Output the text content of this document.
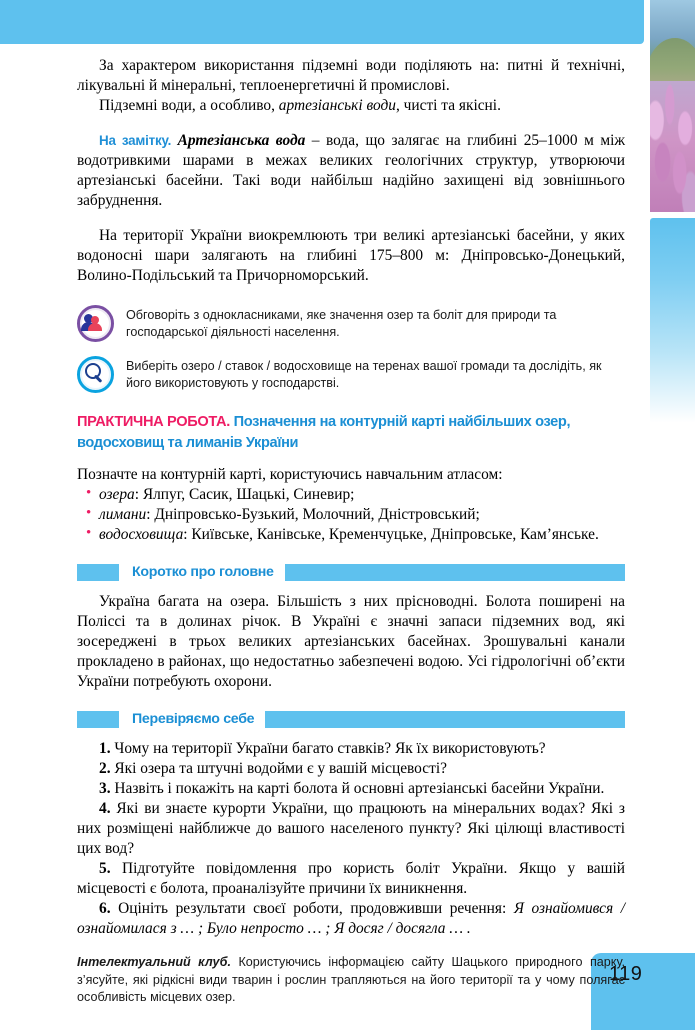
119

За характером використання підземні води поділяють на: питні й технічні, лікувальні й мінеральні, теплоенергетичні й промислові.

Підземні води, а особливо, артезіанські води, чисті та якісні.

На замітку. Артезіанська вода – вода, що залягає на глибині 25–1000 м між водотривкими шарами в межах великих геологічних структур, утворюючи артезіанські басейни. Такі води найбільш надійно захищені від зовнішнього забруднення.

На території України виокремлюють три великі артезіанські басейни, у яких водоносні шари залягають на глибині 175–800 м: Дніпровсько-Донецький, Волино-Подільський та Причорноморський.

Обговоріть з однокласниками, яке значення озер та боліт для природи та господарської діяльності населення.
Виберіть озеро / ставок / водосховище на теренах вашої громади та дослідіть, як його використовують у господарстві.
ПРАКТИЧНА РОБОТА. Позначення на контурній карті найбільших озер, водосховищ та лиманів України

Позначте на контурній карті, користуючись навчальним атласом:

• озера: Ялпуг, Сасик, Шацькі, Синевир;
• лимани: Дніпровсько-Бузький, Молочний, Дністровський;
• водосховища: Київське, Канівське, Кременчуцьке, Дніпровське, Кам’янське.
Коротко про головне

Україна багата на озера. Більшість з них прісноводні. Болота поширені на Поліссі та в долинах річок. В Україні є значні запаси підземних вод, які зосереджені в трьох великих артезіанських басейнах. Зрошувальні канали прокладено в районах, що недостатньо забезпечені водою. Усі гідрологічні об’єкти України потребують охорони.

Перевіряємо себе

1. Чому на території України багато ставків? Як їх використовують?

2. Які озера та штучні водойми є у вашій місцевості?

3. Назвіть і покажіть на карті болота й основні артезіанські басейни України.

4. Які ви знаєте курорти України, що працюють на мінеральних водах? Які з них розміщені найближче до вашого населеного пункту? Які цілющі властивості цих вод?

5. Підготуйте повідомлення про користь боліт України. Якщо у вашій місцевості є болота, проаналізуйте причини їх виникнення.

6. Оцініть результати своєї роботи, продовживши речення: Я ознайомився / ознайомилася з … ; Було непросто … ; Я досяг / досягла … .

Інтелектуальний клуб. Користуючись інформацією сайту Шацького природного парку, з’ясуйте, які рідкісні види тварин і рослин трапляються на його території та у чому полягає особливість місцевих озер.
